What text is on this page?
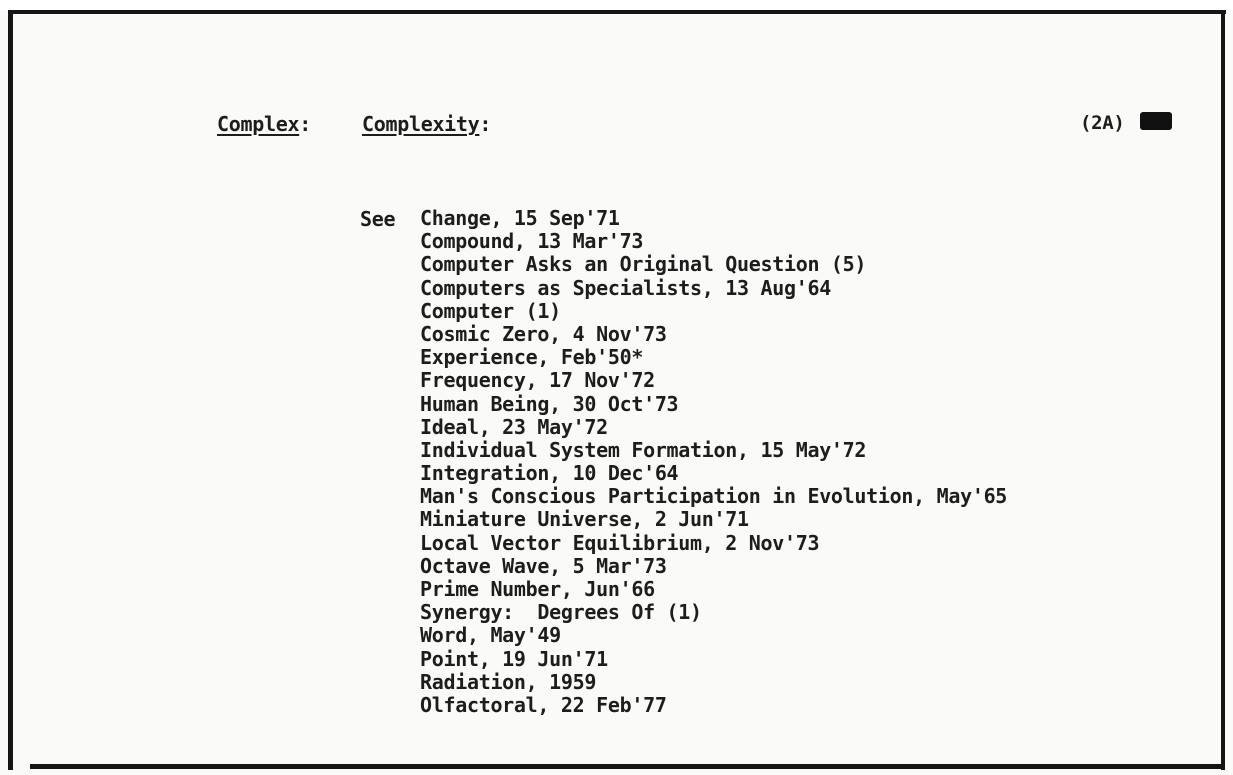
Complex:	Complexity:	(2A)
See Change, 15 Sep'71
Compound, 13 Mar'73
Computer Asks an Original Question (5)
Computers as Specialists, 13 Aug'64
Computer (1)
Cosmic Zero, 4 Nov'73
Experience, Feb'50*
Frequency, 17 Nov'72
Human Being, 30 Oct'73
Ideal, 23 May'72
Individual System Formation, 15 May'72
Integration, 10 Dec'64
Man's Conscious Participation in Evolution, May'65
Miniature Universe, 2 Jun'71
Local Vector Equilibrium, 2 Nov'73
Octave Wave, 5 Mar'73
Prime Number, Jun'66
Synergy:  Degrees Of (1)
Word, May'49
Point, 19 Jun'71
Radiation, 1959
Olfactoral, 22 Feb'77
